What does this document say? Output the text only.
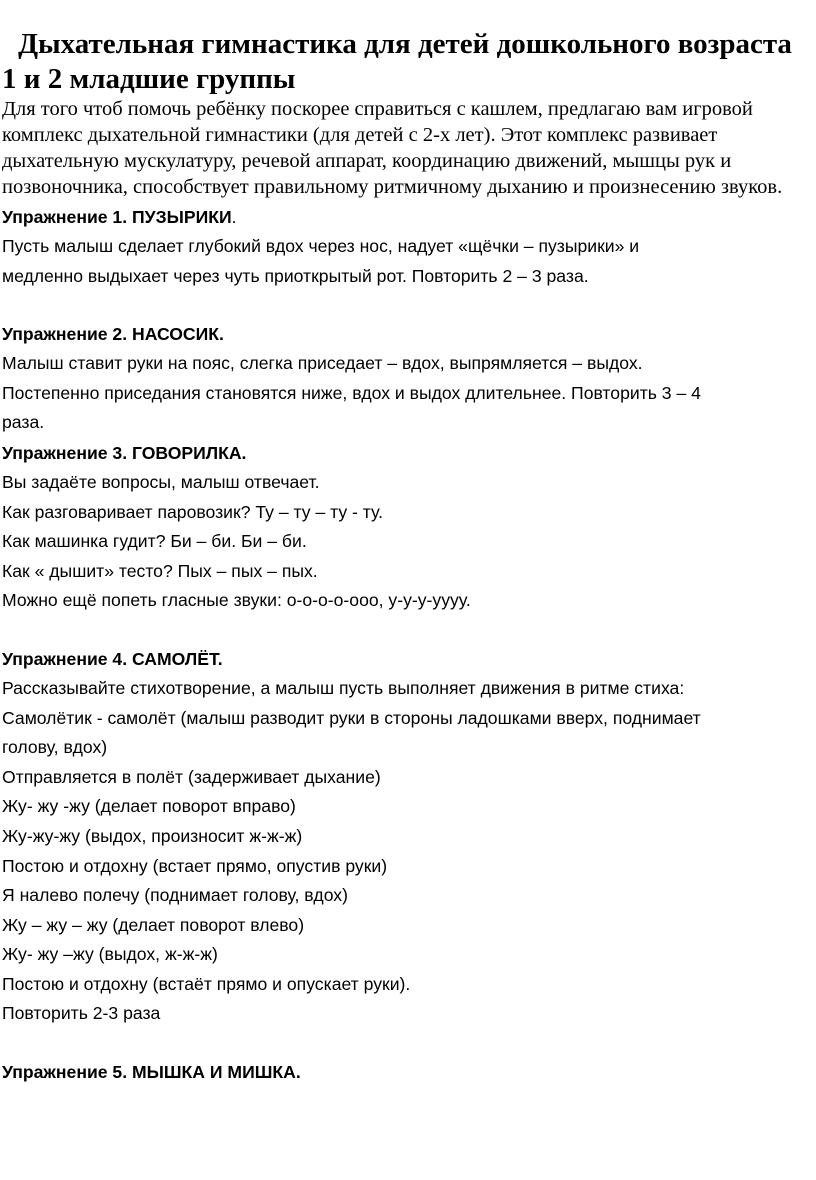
Дыхательная гимнастика для детей дошкольного возраста
1 и 2 младшие группы
Для того чтоб помочь ребёнку поскорее справиться с кашлем, предлагаю вам игровой комплекс дыхательной гимнастики (для детей с 2-х лет). Этот комплекс развивает дыхательную мускулатуру, речевой аппарат, координацию движений, мышцы рук и позвоночника, способствует правильному ритмичному дыханию и произнесению звуков.
Упражнение 1. ПУЗЫРИКИ.
Пусть малыш сделает глубокий вдох через нос, надует «щёчки – пузырики» и
медленно выдыхает через чуть приоткрытый рот. Повторить 2 – 3 раза.
Упражнение 2. НАСОСИК.
Малыш ставит руки на пояс, слегка приседает – вдох, выпрямляется – выдох.
Постепенно приседания становятся ниже, вдох и выдох длительнее. Повторить 3 – 4
раза.
Упражнение 3. ГОВОРИЛКА.
Вы задаёте вопросы, малыш отвечает.
Как разговаривает паровозик? Ту – ту – ту - ту.
Как машинка гудит? Би – би. Би – би.
Как « дышит» тесто? Пых – пых – пых.
Можно ещё попеть гласные звуки: о-о-о-о-ооо, у-у-у-уууу.
Упражнение 4. САМОЛЁТ.
Рассказывайте стихотворение, а малыш пусть выполняет движения в ритме стиха:
Самолётик - самолёт (малыш разводит руки в стороны ладошками вверх, поднимает
голову, вдох)
Отправляется в полёт (задерживает дыхание)
Жу- жу -жу (делает поворот вправо)
Жу-жу-жу (выдох, произносит ж-ж-ж)
Постою и отдохну (встает прямо, опустив руки)
Я налево полечу (поднимает голову, вдох)
Жу – жу – жу (делает поворот влево)
Жу- жу –жу (выдох, ж-ж-ж)
Постою и отдохну (встаёт прямо и опускает руки).
Повторить 2-3 раза
Упражнение 5. МЫШКА И МИШКА.
